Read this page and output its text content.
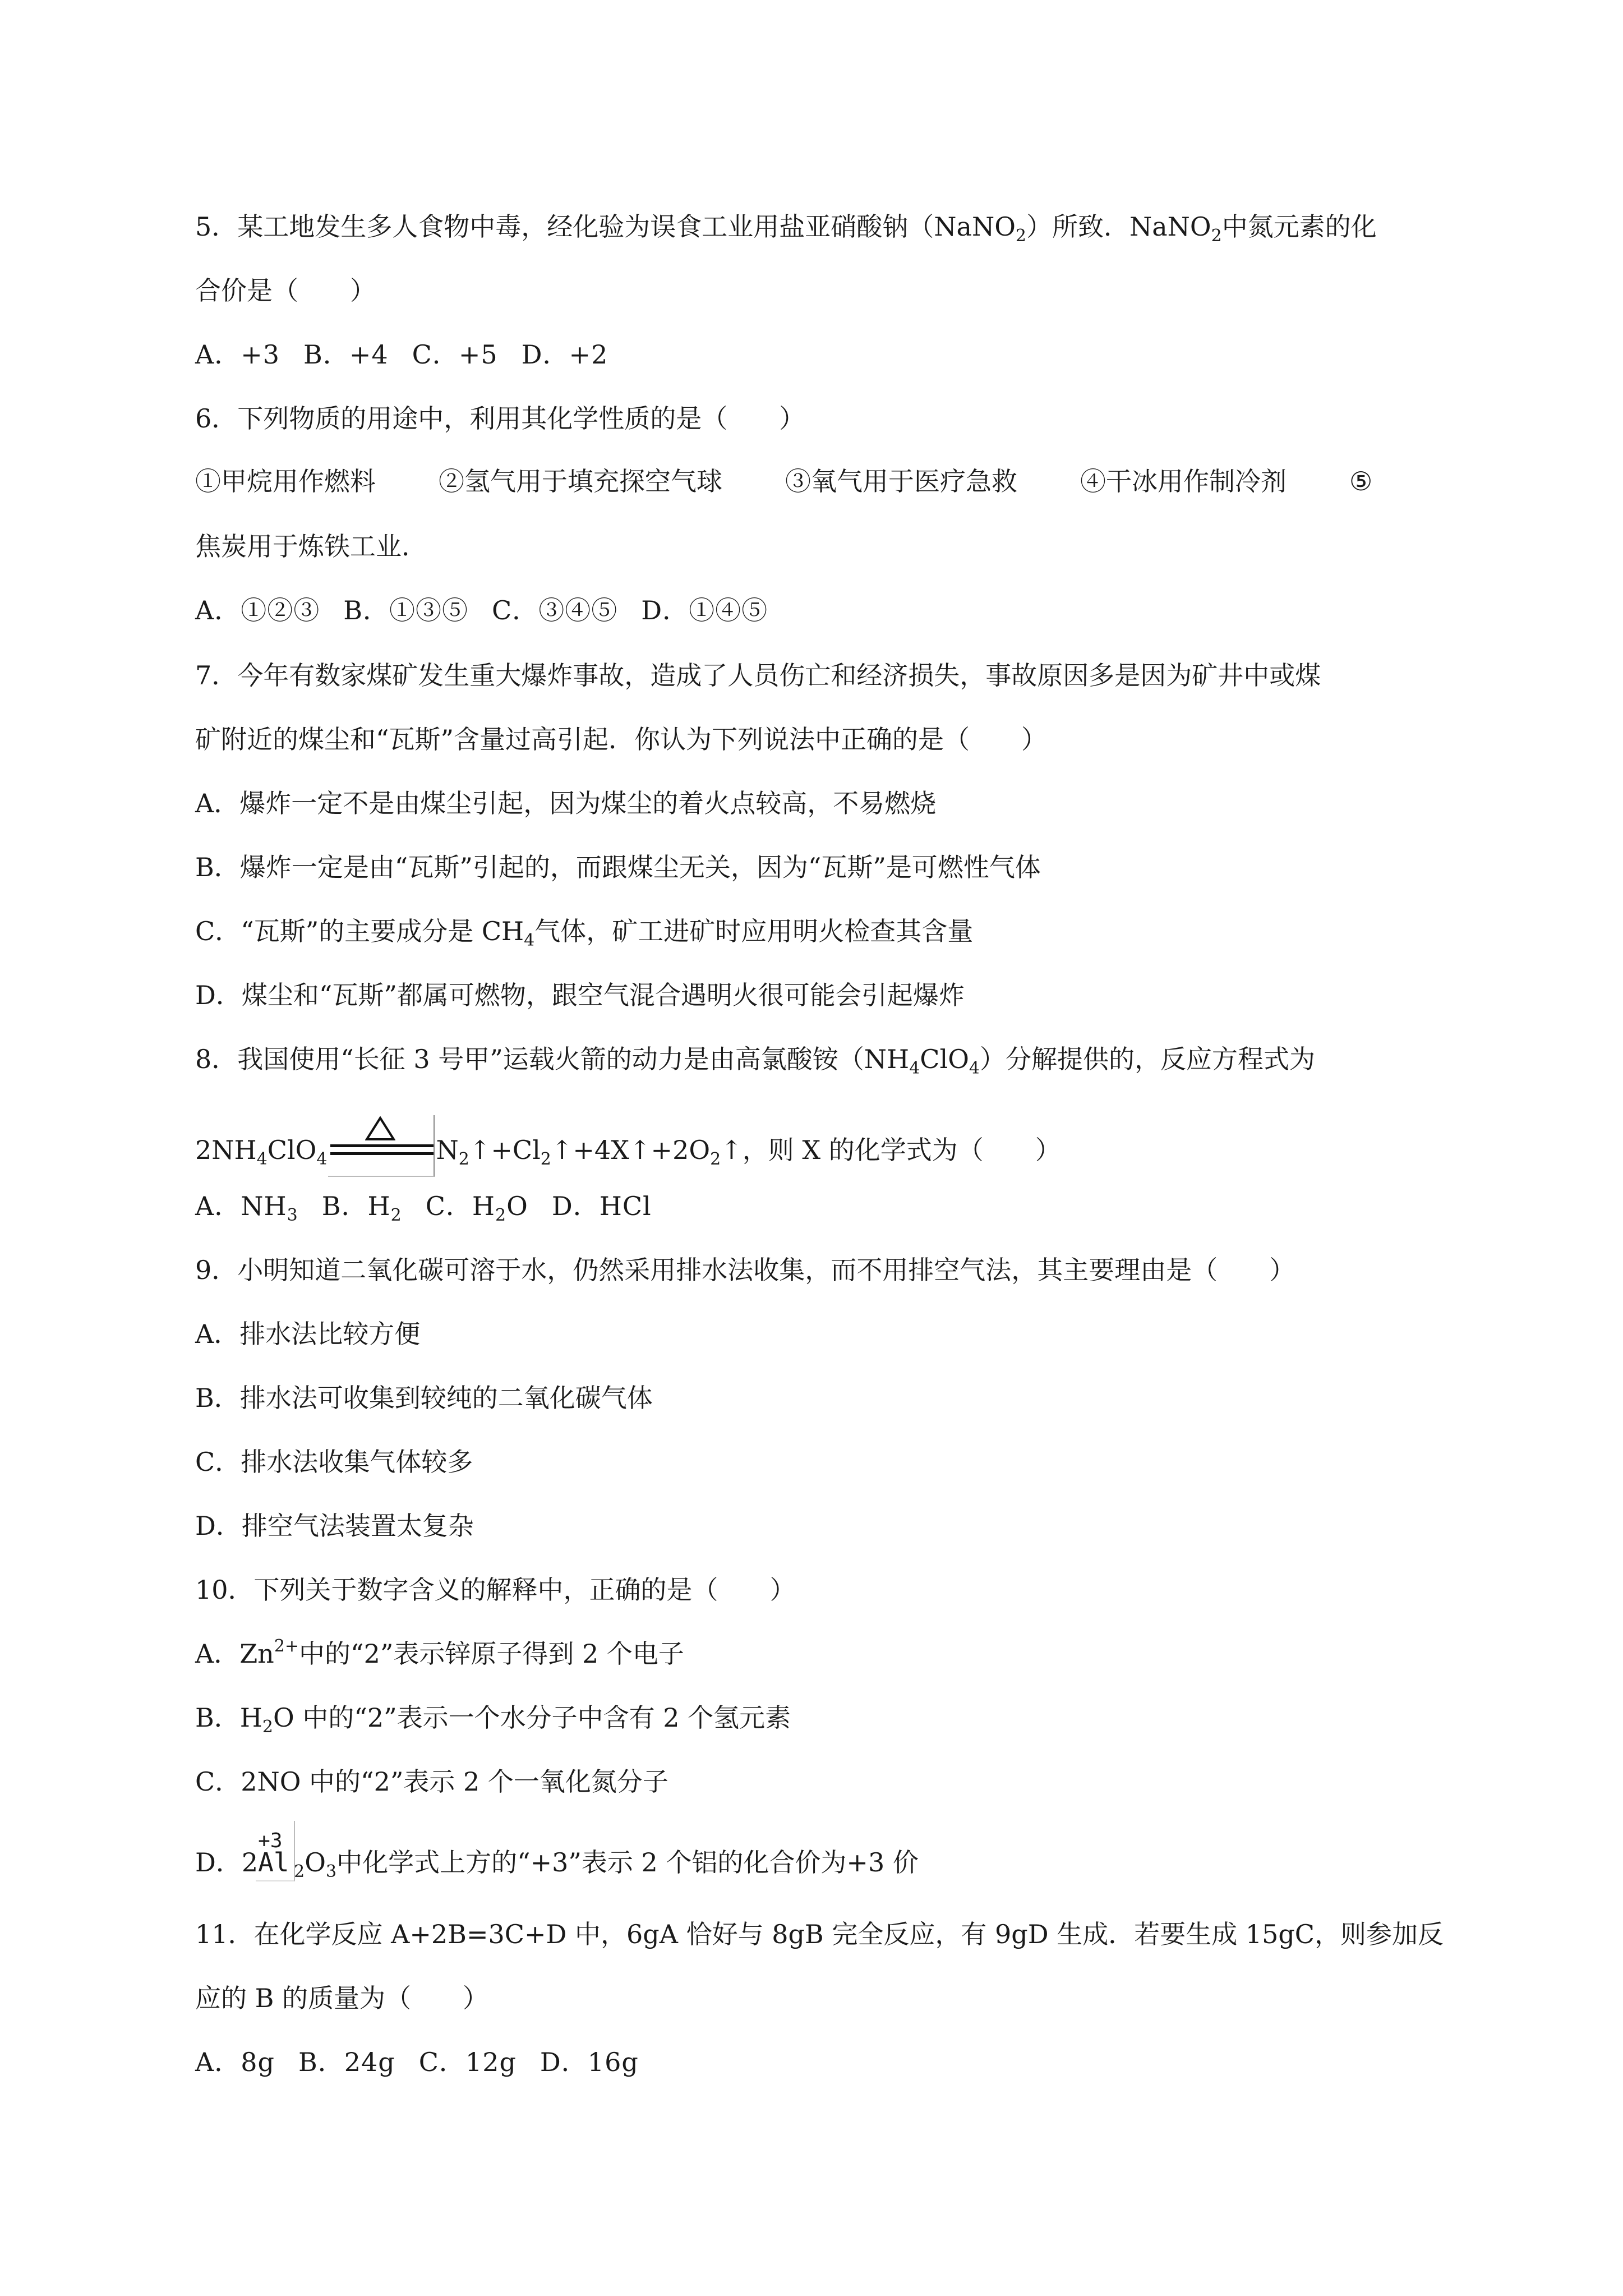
5．某工地发生多人食物中毒，经化验为误食工业用盐亚硝酸钠（NaNO$_2$）所致．NaNO$_2$中氮元素的化
合价是（　　）
A．+3 B．+4 C．+5 D．+2
6．下列物质的用途中，利用其化学性质的是（　　）
①甲烷用作燃料 ②氢气用于填充探空气球 ③氧气用于医疗急救 ④干冰用作制冷剂 ⑤
焦炭用于炼铁工业．
A．①②③ B．①③⑤ C．③④⑤ D．①④⑤
7．今年有数家煤矿发生重大爆炸事故，造成了人员伤亡和经济损失，事故原因多是因为矿井中或煤
矿附近的煤尘和“瓦斯”含量过高引起．你认为下列说法中正确的是（　　）
A．爆炸一定不是由煤尘引起，因为煤尘的着火点较高，不易燃烧
B．爆炸一定是由“瓦斯”引起的，而跟煤尘无关，因为“瓦斯”是可燃性气体
C．“瓦斯”的主要成分是 $CH_4$气体，矿工进矿时应用明火检查其含量
D．煤尘和“瓦斯”都属可燃物，跟空气混合遇明火很可能会引起爆炸
8．我国使用“长征 3 号甲”运载火箭的动力是由高氯酸铵$(NH_4ClO_4)$分解提供的，反应方程式为
$2NH_4ClO_4$	$N_2↑+Cl_2↑+4X↑+2O_2↑$，则 X 的化学式为（　　）
A．$NH_3$ B．$H_2$ C．$H_2O$ D．HCl
9．小明知道二氧化碳可溶于水，仍然采用排水法收集，而不用排空气法，其主要理由是（　　）
A．排水法比较方便
B．排水法可收集到较纯的二氧化碳气体
C．排水法收集气体较多
D．排空气法装置太复杂
10．下列关于数字含义的解释中，正确的是（　　）
A．$Zn^{2+}$中的“2”表示锌原子得到 2 个电子
B．$H_2O$ 中的“2”表示一个水分子中含有 2 个氢元素
C．2NO 中的“2”表示 2 个一氧化氮分子
D．2
+3
Al $_2O_3$中化学式上方的“+3”表示 2 个铝的化合价为+3 价
11．在化学反应 A+2B=3C+D 中，6gA 恰好与 8gB 完全反应，有 9gD 生成．若要生成 15gC，则参加反
应的 B 的质量为（　　）
A．8g B．24g C．12g D．16g
